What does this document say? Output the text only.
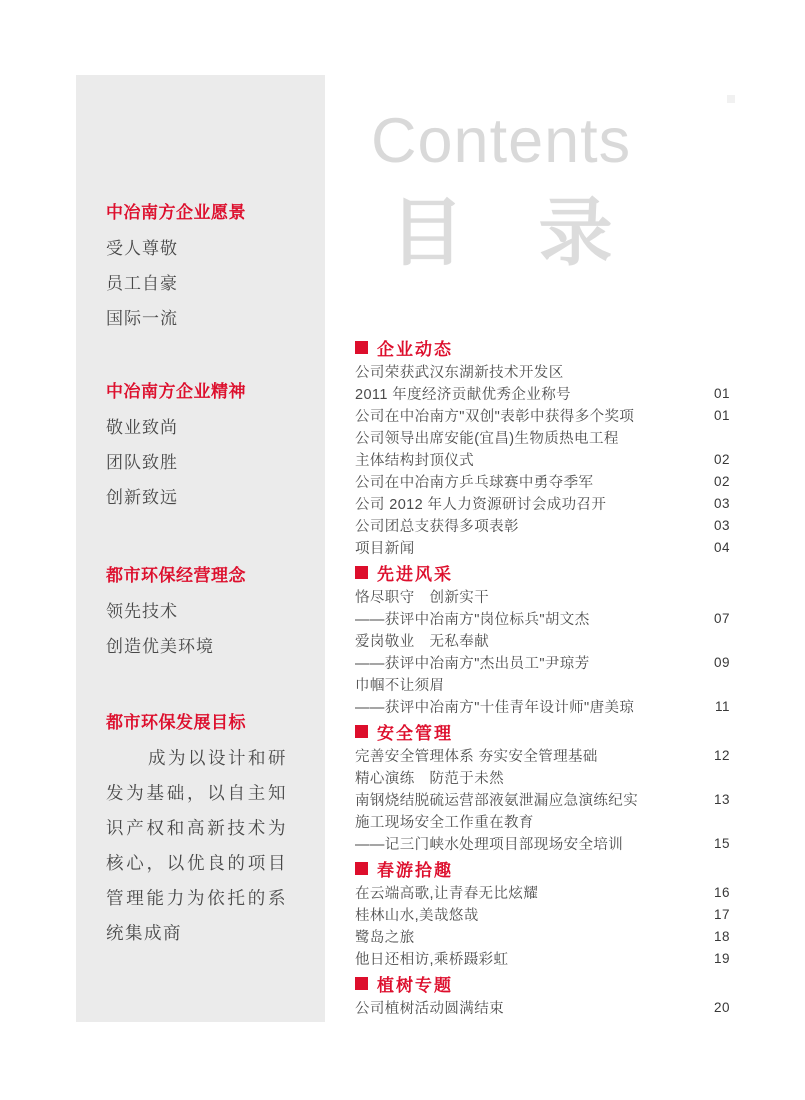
中冶南方企业愿景

受人尊敬

员工自豪

国际一流

中冶南方企业精神

敬业致尚

团队致胜

创新致远

都市环保经营理念

领先技术

创造优美环境

都市环保发展目标

成为以设计和研发为基础，以自主知识产权和高新技术为核心，以优良的项目管理能力为依托的系统集成商

Contents
目 录
企业动态
公司荣获武汉东湖新技术开发区
2011 年度经济贡献优秀企业称号	01
公司在中冶南方"双创"表彰中获得多个奖项	01
公司领导出席安能(宜昌)生物质热电工程
主体结构封顶仪式	02
公司在中冶南方乒乓球赛中勇夺季军	02
公司 2012 年人力资源研讨会成功召开	03
公司团总支获得多项表彰	03
项目新闻	04
先进风采
恪尽职守　创新实干
——获评中冶南方"岗位标兵"胡文杰	07
爱岗敬业　无私奉献
——获评中冶南方"杰出员工"尹琼芳	09
巾帼不让须眉
——获评中冶南方"十佳青年设计师"唐美琼	11
安全管理
完善安全管理体系 夯实安全管理基础	12
精心演练　防范于未然
南钢烧结脱硫运营部液氨泄漏应急演练纪实	13
施工现场安全工作重在教育
——记三门峡水处理项目部现场安全培训	15
春游拾趣
在云端高歌,让青春无比炫耀	16
桂林山水,美哉悠哉	17
鹭岛之旅	18
他日还相访,乘桥蹑彩虹	19
植树专题
公司植树活动圆满结束	20
